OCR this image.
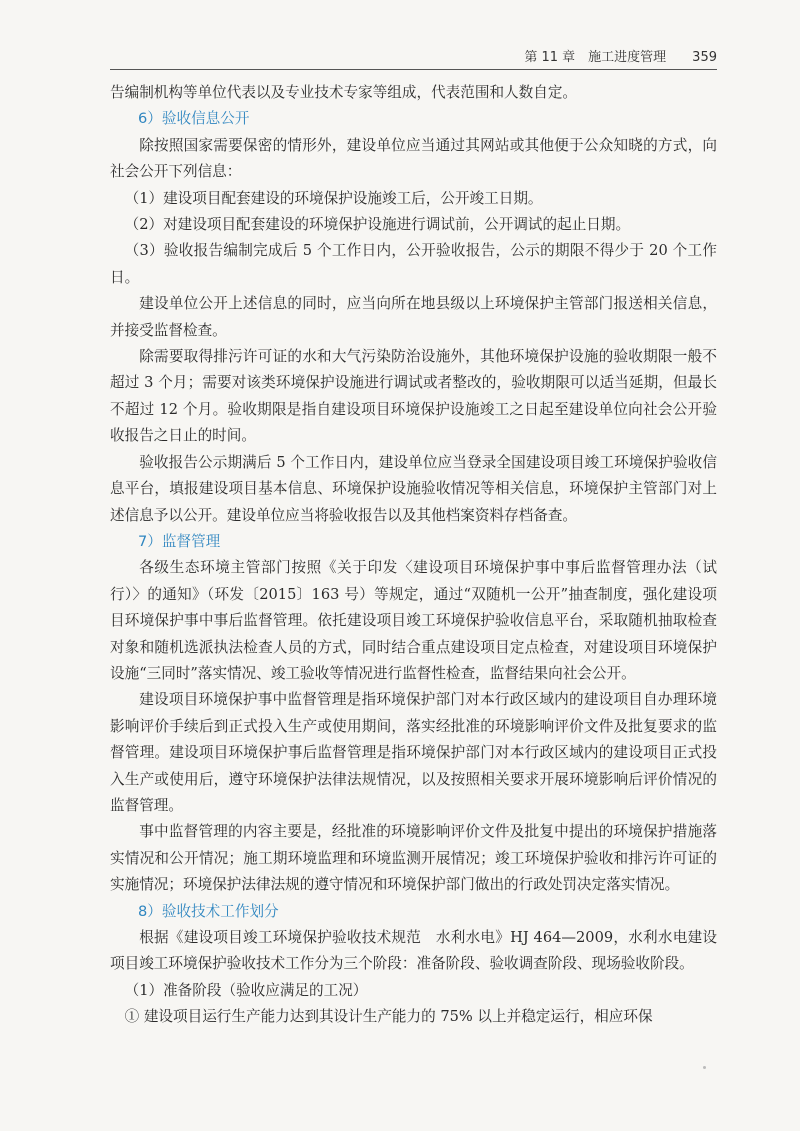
第 11 章　施工进度管理 359

告编制机构等单位代表以及专业技术专家等组成，代表范围和人数自定。

6）验收信息公开

除按照国家需要保密的情形外，建设单位应当通过其网站或其他便于公众知晓的方式，向社会公开下列信息：

（1）建设项目配套建设的环境保护设施竣工后，公开竣工日期。

（2）对建设项目配套建设的环境保护设施进行调试前，公开调试的起止日期。

（3）验收报告编制完成后 5 个工作日内，公开验收报告，公示的期限不得少于 20 个工作日。

建设单位公开上述信息的同时，应当向所在地县级以上环境保护主管部门报送相关信息，并接受监督检查。

除需要取得排污许可证的水和大气污染防治设施外，其他环境保护设施的验收期限一般不超过 3 个月；需要对该类环境保护设施进行调试或者整改的，验收期限可以适当延期，但最长不超过 12 个月。验收期限是指自建设项目环境保护设施竣工之日起至建设单位向社会公开验收报告之日止的时间。

验收报告公示期满后 5 个工作日内，建设单位应当登录全国建设项目竣工环境保护验收信息平台，填报建设项目基本信息、环境保护设施验收情况等相关信息，环境保护主管部门对上述信息予以公开。建设单位应当将验收报告以及其他档案资料存档备查。

7）监督管理

各级生态环境主管部门按照《关于印发〈建设项目环境保护事中事后监督管理办法（试行）〉的通知》（环发〔2015〕163 号）等规定，通过“双随机一公开”抽查制度，强化建设项目环境保护事中事后监督管理。依托建设项目竣工环境保护验收信息平台，采取随机抽取检查对象和随机选派执法检查人员的方式，同时结合重点建设项目定点检查，对建设项目环境保护设施“三同时”落实情况、竣工验收等情况进行监督性检查，监督结果向社会公开。

建设项目环境保护事中监督管理是指环境保护部门对本行政区域内的建设项目自办理环境影响评价手续后到正式投入生产或使用期间，落实经批准的环境影响评价文件及批复要求的监督管理。建设项目环境保护事后监督管理是指环境保护部门对本行政区域内的建设项目正式投入生产或使用后，遵守环境保护法律法规情况，以及按照相关要求开展环境影响后评价情况的监督管理。

事中监督管理的内容主要是，经批准的环境影响评价文件及批复中提出的环境保护措施落实情况和公开情况；施工期环境监理和环境监测开展情况；竣工环境保护验收和排污许可证的实施情况；环境保护法律法规的遵守情况和环境保护部门做出的行政处罚决定落实情况。

8）验收技术工作划分

根据《建设项目竣工环境保护验收技术规范　水利水电》HJ 464—2009，水利水电建设项目竣工环境保护验收技术工作分为三个阶段：准备阶段、验收调查阶段、现场验收阶段。

（1）准备阶段（验收应满足的工况）

① 建设项目运行生产能力达到其设计生产能力的 75% 以上并稳定运行，相应环保
